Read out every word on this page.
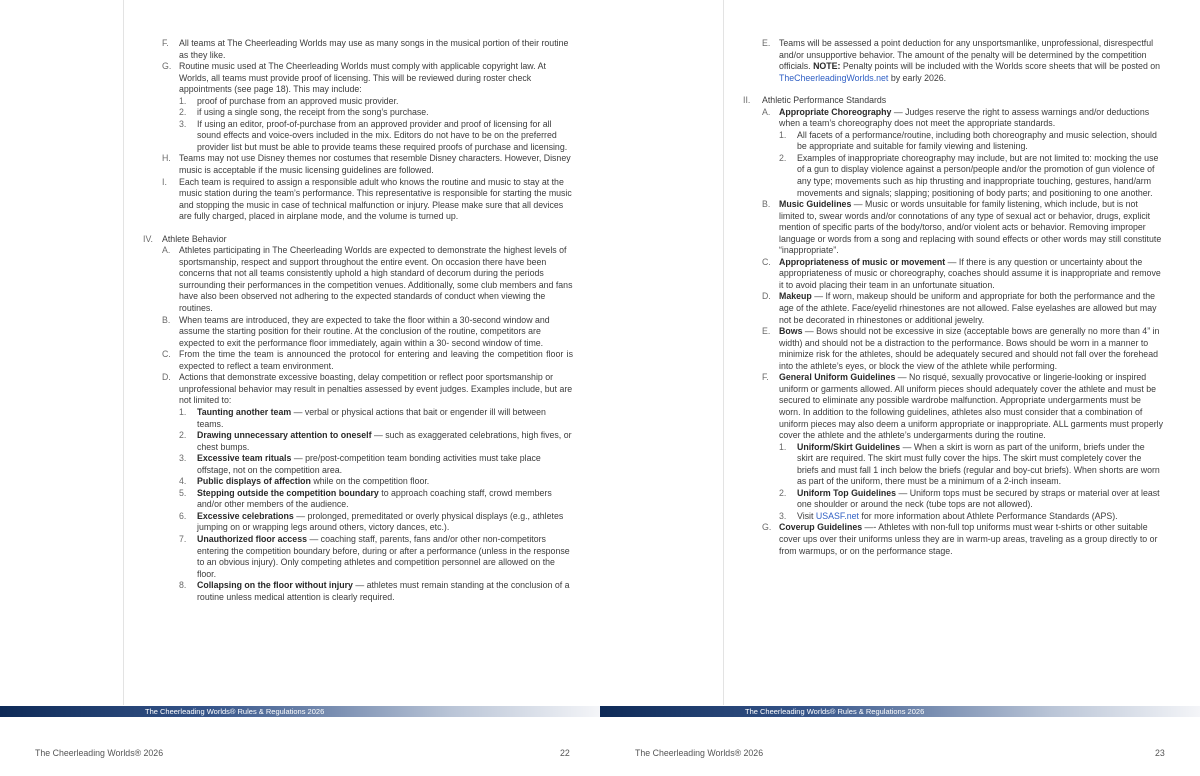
F.	All teams at The Cheerleading Worlds may use as many songs in the musical portion of their routine as they like.
G. Routine music used at The Cheerleading Worlds must comply with applicable copyright law. At Worlds, all teams must provide proof of licensing. This will be reviewed during roster check appointments (see page 18). This may include:
1.	proof of purchase from an approved music provider.
2.	if using a single song, the receipt from the song’s purchase.
3.	If using an editor, proof-of-purchase from an approved provider and proof of licensing for all sound effects and voice-overs included in the mix. Editors do not have to be on the preferred provider list but must be able to provide teams these required proofs of purchase and licensing.
H. Teams may not use Disney themes nor costumes that resemble Disney characters. However, Disney music is acceptable if the music licensing guidelines are followed.
I.	Each team is required to assign a responsible adult who knows the routine and music to stay at the music station during the team’s performance. This representative is responsible for starting the music and stopping the music in case of technical malfunction or injury. Please make sure that all devices are fully charged, placed in airplane mode, and the volume is turned up.
IV.	Athlete Behavior
A. Athletes participating in The Cheerleading Worlds are expected to demonstrate the highest levels of sportsmanship, respect and support throughout the entire event. On occasion there have been concerns that not all teams consistently uphold a high standard of decorum during the periods surrounding their performances in the competition venues. Additionally, some club members and fans have also been observed not adhering to the expected standards of conduct when viewing the routines.
B. When teams are introduced, they are expected to take the floor within a 30-second window and assume the starting position for their routine. At the conclusion of the routine, competitors are expected to exit the performance floor immediately, again within a 30- second window of time.
C. From the time the team is announced the protocol for entering and leaving the competition floor is expected to reflect a team environment.
D. Actions that demonstrate excessive boasting, delay competition or reflect poor sportsmanship or unprofessional behavior may result in penalties assessed by event judges. Examples include, but are not limited to:
1.	Taunting another team — verbal or physical actions that bait or engender ill will between teams.
2.	Drawing unnecessary attention to oneself — such as exaggerated celebrations, high fives, or chest bumps.
3.	Excessive team rituals — pre/post-competition team bonding activities must take place offstage, not on the competition area.
4.	Public displays of affection while on the competition floor.
5.	Stepping outside the competition boundary to approach coaching staff, crowd members and/or other members of the audience.
6.	Excessive celebrations — prolonged, premeditated or overly physical displays (e.g., athletes jumping on or wrapping legs around others, victory dances, etc.).
7.	Unauthorized floor access — coaching staff, parents, fans and/or other non-competitors entering the competition boundary before, during or after a performance (unless in the response to an obvious injury). Only competing athletes and competition personnel are allowed on the floor.
8.	Collapsing on the floor without injury — athletes must remain standing at the conclusion of a routine unless medical attention is clearly required.
The Cheerleading Worlds® Rules & Regulations 2026
The Cheerleading Worlds® 2026	22
E. Teams will be assessed a point deduction for any unsportsmanlike, unprofessional, disrespectful and/or unsupportive behavior. The amount of the penalty will be determined by the competition officials. NOTE: Penalty points will be included with the Worlds score sheets that will be posted on TheCheerleadingWorlds.net by early 2026.
II.	Athletic Performance Standards
A. Appropriate Choreography — Judges reserve the right to assess warnings and/or deductions when a team’s choreography does not meet the appropriate standards.
1.	All facets of a performance/routine, including both choreography and music selection, should be appropriate and suitable for family viewing and listening.
2.	Examples of inappropriate choreography may include, but are not limited to: mocking the use of a gun to display violence against a person/people and/or the promotion of gun violence of any type; movements such as hip thrusting and inappropriate touching, gestures, hand/arm movements and signals; slapping; positioning of body parts; and positioning to one another.
B. Music Guidelines — Music or words unsuitable for family listening, which include, but is not limited to, swear words and/or connotations of any type of sexual act or behavior, drugs, explicit mention of specific parts of the body/torso, and/or violent acts or behavior. Removing improper language or words from a song and replacing with sound effects or other words may still constitute “inappropriate”.
C. Appropriateness of music or movement — If there is any question or uncertainty about the appropriateness of music or choreography, coaches should assume it is inappropriate and remove it to avoid placing their team in an unfortunate situation.
D. Makeup — If worn, makeup should be uniform and appropriate for both the performance and the age of the athlete. Face/eyelid rhinestones are not allowed. False eyelashes are allowed but may not be decorated in rhinestones or additional jewelry.
E. Bows — Bows should not be excessive in size (acceptable bows are generally no more than 4” in width) and should not be a distraction to the performance. Bows should be worn in a manner to minimize risk for the athletes, should be adequately secured and should not fall over the forehead into the athlete’s eyes, or block the view of the athlete while performing.
F.	General Uniform Guidelines — No risqué, sexually provocative or lingerie-looking or inspired uniform or garments allowed. All uniform pieces should adequately cover the athlete and must be secured to eliminate any possible wardrobe malfunction. Appropriate undergarments must be worn. In addition to the following guidelines, athletes also must consider that a combination of uniform pieces may also deem a uniform appropriate or inappropriate. ALL garments must properly cover the athlete and the athlete’s undergarments during the routine.
1.	Uniform/Skirt Guidelines — When a skirt is worn as part of the uniform, briefs under the skirt are required. The skirt must fully cover the hips. The skirt must completely cover the briefs and must fall 1 inch below the briefs (regular and boy-cut briefs). When shorts are worn as part of the uniform, there must be a minimum of a 2-inch inseam.
2.	Uniform Top Guidelines — Uniform tops must be secured by straps or material over at least one shoulder or around the neck (tube tops are not allowed).
3.	Visit USASF.net for more information about Athlete Performance Standards (APS).
G. Coverup Guidelines —- Athletes with non-full top uniforms must wear t-shirts or other suitable cover ups over their uniforms unless they are in warm-up areas, traveling as a group directly to or from warmups, or on the performance stage.
The Cheerleading Worlds® Rules & Regulations 2026
The Cheerleading Worlds® 2026	23
